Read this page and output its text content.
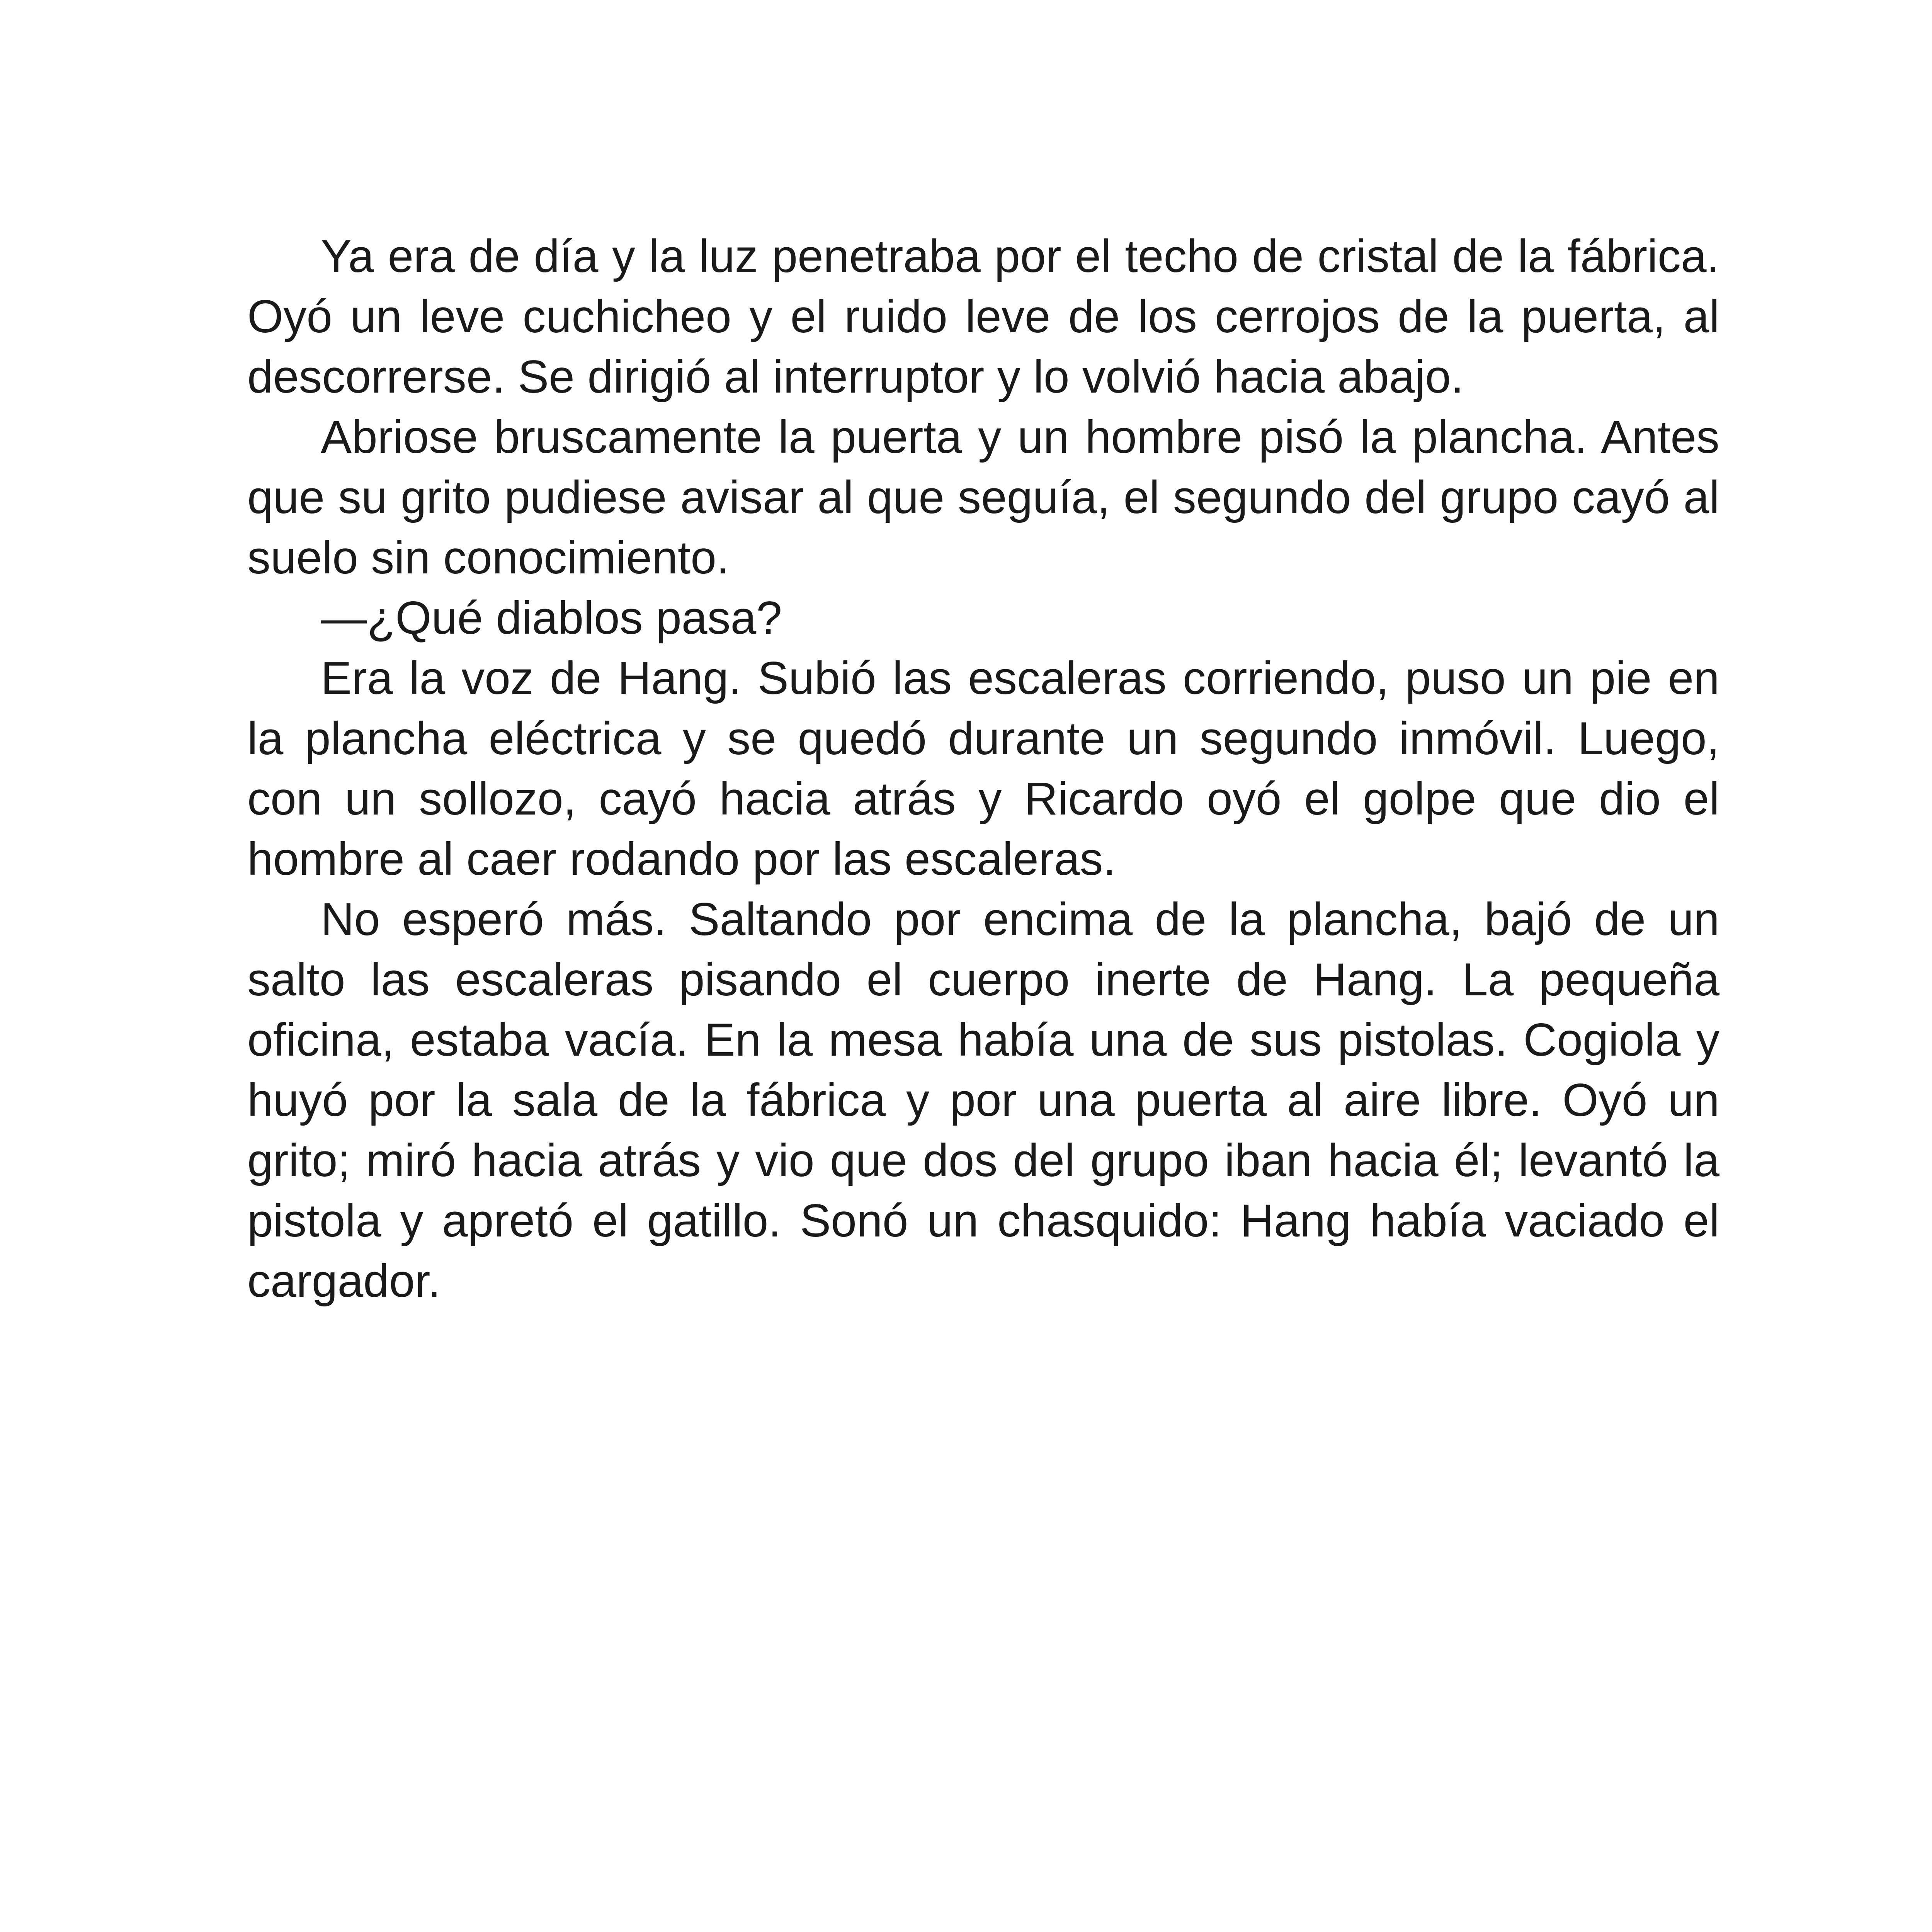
Ya era de día y la luz penetraba por el techo de cristal de la fábrica. Oyó un leve cuchicheo y el ruido leve de los cerrojos de la puerta, al descorrerse. Se dirigió al interruptor y lo volvió hacia abajo.

Abriose bruscamente la puerta y un hombre pisó la plancha. Antes que su grito pudiese avisar al que seguía, el segundo del grupo cayó al suelo sin conocimiento.

—¿Qué diablos pasa?

Era la voz de Hang. Subió las escaleras corriendo, puso un pie en la plancha eléctrica y se quedó durante un segundo inmóvil. Luego, con un sollozo, cayó hacia atrás y Ricardo oyó el golpe que dio el hombre al caer rodando por las escaleras.

No esperó más. Saltando por encima de la plancha, bajó de un salto las escaleras pisando el cuerpo inerte de Hang. La pequeña oficina, estaba vacía. En la mesa había una de sus pistolas. Cogiola y huyó por la sala de la fábrica y por una puerta al aire libre. Oyó un grito; miró hacia atrás y vio que dos del grupo iban hacia él; levantó la pistola y apretó el gatillo. Sonó un chasquido: Hang había vaciado el cargador.
